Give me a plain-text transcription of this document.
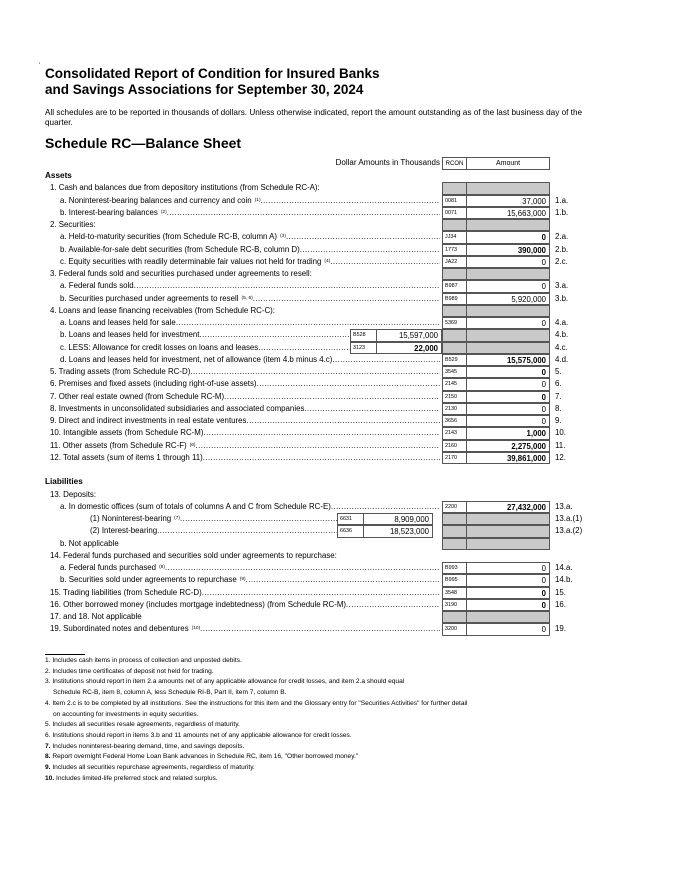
' Consolidated Report of Condition for Insured Banks
and Savings Associations for September 30, 2024

All schedules are to be reported in thousands of dollars. Unless otherwise indicated, report the amount outstanding as of the last business day of the quarter.

Schedule RC—Balance Sheet
Dollar Amounts in Thousands RCON	Amount
Assets
1. Cash and balances due from depository institutions (from Schedule RC-A):
a. Noninterest-bearing balances and currency and coin (1) .....	0081	37,000	1.a.
b. Interest-bearing balances (2) .....	0071	15,663,000	1.b.
2. Securities:
a. Held-to-maturity securities (from Schedule RC-B, column A) (3) .....	JJ34	0	2.a.
b. Available-for-sale debt securities (from Schedule RC-B, column D) .....	1773	390,000	2.b.
c. Equity securities with readily determinable fair values not held for trading (4) .....	JA22	0	2.c.
3. Federal funds sold and securities purchased under agreements to resell:
a. Federal funds sold .....	B987	0	3.a.
b. Securities purchased under agreements to resell (5, 6) .....	B989	5,920,000	3.b.
4. Loans and lease financing receivables (from Schedule RC-C):
a. Loans and leases held for sale .....	5369	0	4.a.
b. Loans and leases held for investment .....	B528	15,597,000	4.b.
c. LESS: Allowance for credit losses on loans and leases .....	3123	22,000	4.c.
d. Loans and leases held for investment, net of allowance (item 4.b minus 4.c) .....	B529	15,575,000	4.d.
5. Trading assets (from Schedule RC-D) .....	3545	0	5.
6. Premises and fixed assets (including right-of-use assets) .....	2145	0	6.
7. Other real estate owned (from Schedule RC-M) .....	2150	0	7.
8. Investments in unconsolidated subsidiaries and associated companies .....	2130	0	8.
9. Direct and indirect investments in real estate ventures .....	3656	0	9.
10. Intangible assets (from Schedule RC-M) .....	2143	1,000	10.
11. Other assets (from Schedule RC-F) (6) .....	2160	2,275,000	11.
12. Total assets (sum of items 1 through 11) .....	2170	39,861,000	12.
Liabilities
13. Deposits:
a. In domestic offices (sum of totals of columns A and C from Schedule RC-E) .....	2200	27,432,000	13.a.
(1) Noninterest-bearing (7) .....	6631	8,909,000	13.a.(1)
(2) Interest-bearing .....	6636	18,523,000	13.a.(2)
b. Not applicable
14. Federal funds purchased and securities sold under agreements to repurchase:
a. Federal funds purchased (8) .....	B993	0	14.a.
b. Securities sold under agreements to repurchase (9) .....	B995	0	14.b.
15. Trading liabilities (from Schedule RC-D) .....	3548	0	15.
16. Other borrowed money (includes mortgage indebtedness) (from Schedule RC-M) .....	3190	0	16.
17. and 18. Not applicable
19. Subordinated notes and debentures (10) .....	3200	0	19.
1. Includes cash items in process of collection and unposted debits.
2. Includes time certificates of deposit not held for trading.
3. Institutions should report in item 2.a amounts net of any applicable allowance for credit losses, and item 2.a should equal
Schedule RC-B, item 8, column A, less Schedule RI-B, Part II, item 7, column B.
4. Item 2.c is to be completed by all institutions. See the instructions for this item and the Glossary entry for "Securities Activities" for further detail
on accounting for investments in equity securities.
5. Includes all securities resale agreements, regardless of maturity.
6. Institutions should report in items 3.b and 11 amounts net of any applicable allowance for credit losses.
7. Includes noninterest-bearing demand, time, and savings deposits.
8. Report overnight Federal Home Loan Bank advances in Schedule RC, item 16, "Other borrowed money."
9. Includes all securities repurchase agreements, regardless of maturity.
10. Includes limited-life preferred stock and related surplus.
